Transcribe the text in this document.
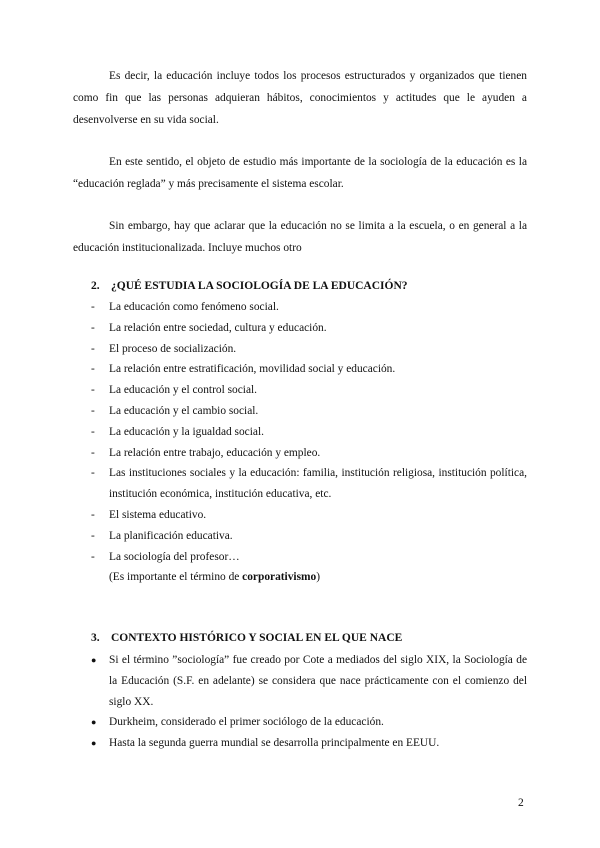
Es decir, la educación incluye todos los procesos estructurados y organizados que tienen como fin que las personas adquieran hábitos, conocimientos y actitudes que le ayuden a desenvolverse en su vida social.

En este sentido, el objeto de estudio más importante de la sociología de la educación es la “educación reglada” y más precisamente el sistema escolar.

Sin embargo, hay que aclarar que la educación no se limita a la escuela, o en general a la educación institucionalizada. Incluye muchos otro

2. ¿QUÉ ESTUDIA LA SOCIOLOGÍA DE LA EDUCACIÓN?
-	La educación como fenómeno social.
-	La relación entre sociedad, cultura y educación.
-	El proceso de socialización.
-	La relación entre estratificación, movilidad social y educación.
-	La educación y el control social.
-	La educación y el cambio social.
-	La educación y la igualdad social.
-	La relación entre trabajo, educación y empleo.
-	Las instituciones sociales y la educación: familia, institución religiosa, institución política, institución económica, institución educativa, etc.
-	El sistema educativo.
-	La planificación educativa.
-	La sociología del profesor…
(Es importante el término de corporativismo)
3. CONTEXTO HISTÓRICO Y SOCIAL EN EL QUE NACE
●	Si el término ”sociología” fue creado por Cote a mediados del siglo XIX, la Sociología de la Educación (S.F. en adelante) se considera que nace prácticamente con el comienzo del siglo XX.
●	Durkheim, considerado el primer sociólogo de la educación.
●	Hasta la segunda guerra mundial se desarrolla principalmente en EEUU.
2
